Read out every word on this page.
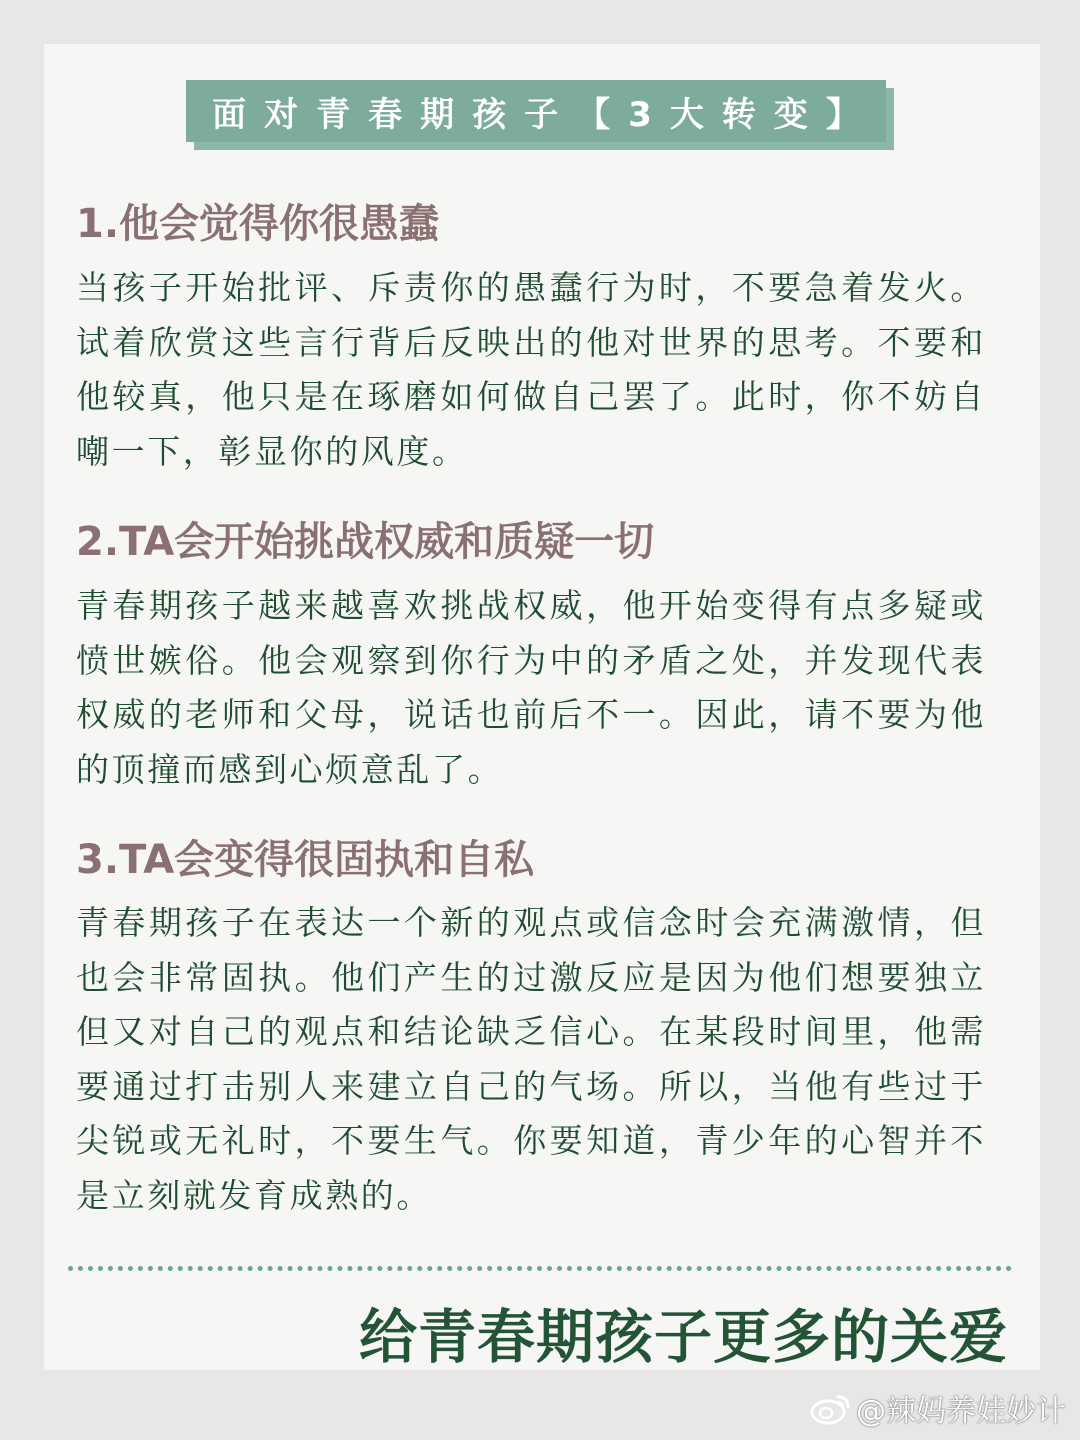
面对青春期孩子【3大转变】
1.他会觉得你很愚蠢

当孩子开始批评、斥责你的愚蠢行为时，不要急着发火。试着欣赏这些言行背后反映出的他对世界的思考。不要和他较真，他只是在琢磨如何做自己罢了。此时，你不妨自嘲一下，彰显你的风度。

2.TA会开始挑战权威和质疑一切

青春期孩子越来越喜欢挑战权威，他开始变得有点多疑或愤世嫉俗。他会观察到你行为中的矛盾之处，并发现代表权威的老师和父母，说话也前后不一。因此，请不要为他的顶撞而感到心烦意乱了。

3.TA会变得很固执和自私

青春期孩子在表达一个新的观点或信念时会充满激情，但也会非常固执。他们产生的过激反应是因为他们想要独立但又对自己的观点和结论缺乏信心。在某段时间里，他需要通过打击别人来建立自己的气场。所以，当他有些过于尖锐或无礼时，不要生气。你要知道，青少年的心智并不是立刻就发育成熟的。

给青春期孩子更多的关爱
@辣妈养娃妙计
